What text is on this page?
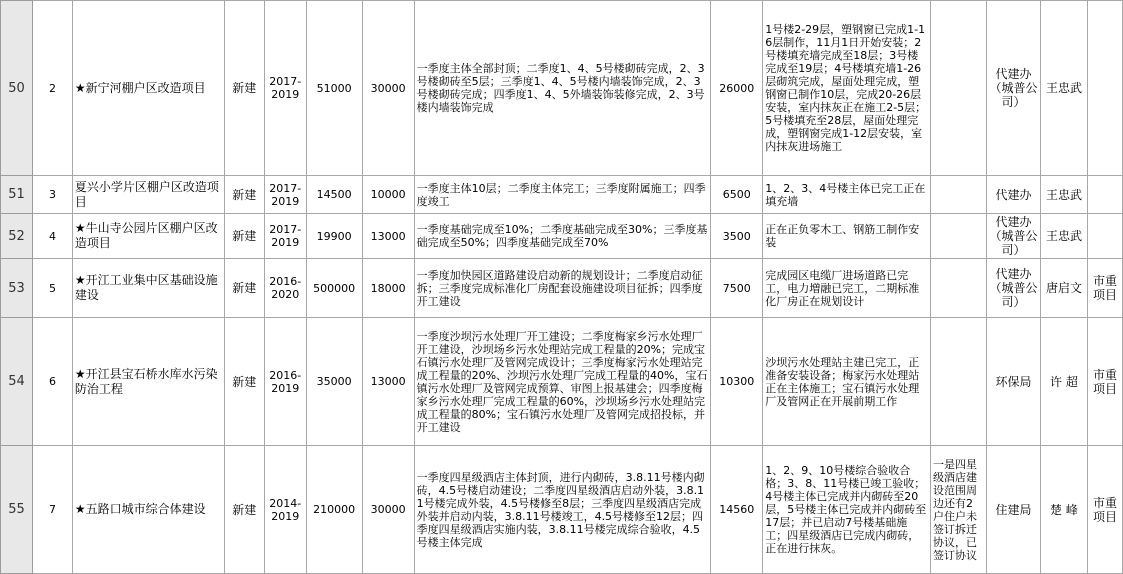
50	2	★新宁河棚户区改造项目	新建	2017-2019	51000	30000	一季度主体全部封顶；二季度1、4、5号楼砌砖完成，2、3号楼砌砖至5层；三季度1、4、5号楼内墙装饰完成，2、3号楼砌砖完成；四季度1、4、5外墙装饰装修完成，2、3号楼内墙装饰完成	26000	1号楼2-29层，塑钢窗已完成1-16层制作，11月1日开始安装；2号楼填充墙完成至18层；3号楼完成至19层；4号楼填充墙1-26层砌筑完成，屋面处理完成，塑钢窗已制作10层，完成20-26层安装，室内抹灰正在施工2-5层；5号楼填充至28层，屋面处理完成，塑钢窗完成1-12层安装，室内抹灰进场施工		代建办（城普公司）	王忠武	
51	3	夏兴小学片区棚户区改造项目	新建	2017-2019	14500	10000	一季度主体10层；二季度主体完工；三季度附属施工；四季度竣工	6500	1、2、3、4号楼主体已完工正在填充墙		代建办	王忠武	
52	4	★牛山寺公园片区棚户区改造项目	新建	2017-2019	19900	13000	一季度基础完成至10%；二季度基础完成至30%；三季度基础完成至50%；四季度基础完成至70%	3500	正在正负零木工、钢筋工制作安装		代建办（城普公司）	王忠武	
53	5	★开江工业集中区基础设施建设	新建	2016-2020	500000	18000	一季度加快园区道路建设启动新的规划设计；二季度启动征拆；三季度完成标准化厂房配套设施建设项目征拆；四季度开工建设	7500	完成园区电缆厂进场道路已完工，电力増融已完工，二期标准化厂房正在规划设计		代建办（城普公司）	唐启文	市重项目
54	6	★开江县宝石桥水库水污染防治工程	新建	2016-2019	35000	13000	一季度沙坝污水处理厂开工建设；二季度梅家乡污水处理厂开工建设，沙坝场乡污水处理站完成工程量的20%；完成宝石镇污水处理厂及管网完成设计；三季度梅家污水处理站完成工程量的20%、沙坝污水处理厂完成工程量的40%，宝石镇污水处理厂及管网完成预算、审图上报基建会；四季度梅家乡污水处理厂完成工程量的60%，沙坝场乡污水处理站完成工程量的80%；宝石镇污水处理厂及管网完成招投标，并开工建设	10300	沙坝污水处理站主建已完工，正准备安装设备；梅家污水处理站正在主体施工；宝石镇污水处理厂及管网正在开展前期工作		环保局	许 超	市重项目
55	7	★五路口城市综合体建设	新建	2014-2019	210000	30000	一季度四星级酒店主体封顶，进行内砌砖，3.8.11号楼内砌砖，4.5号楼启动建设；二季度四星级酒店启动外装，3.8.11号楼完成外装，4.5号楼修至8层；三季度四星级酒店完成外装并启动内装，3.8.11号楼竣工，4.5号楼修至12层；四季度四星级酒店实施内装，3.8.11号楼完成综合验收，4.5号楼主体完成	14560	1、2、9、10号楼综合验收合格；3、8、11号楼已竣工验收；4号楼主体已完成并内砌砖至20层，5号楼主体已完成并内砌砖至17层；并已启动7号楼基础施工；四星级酒店已完成内砌砖，正在进行抹灰。	一是四星级酒店建设范围周边还有2户住户未签订拆迁协议，已签订协议	住建局	楚 峰	市重项目
